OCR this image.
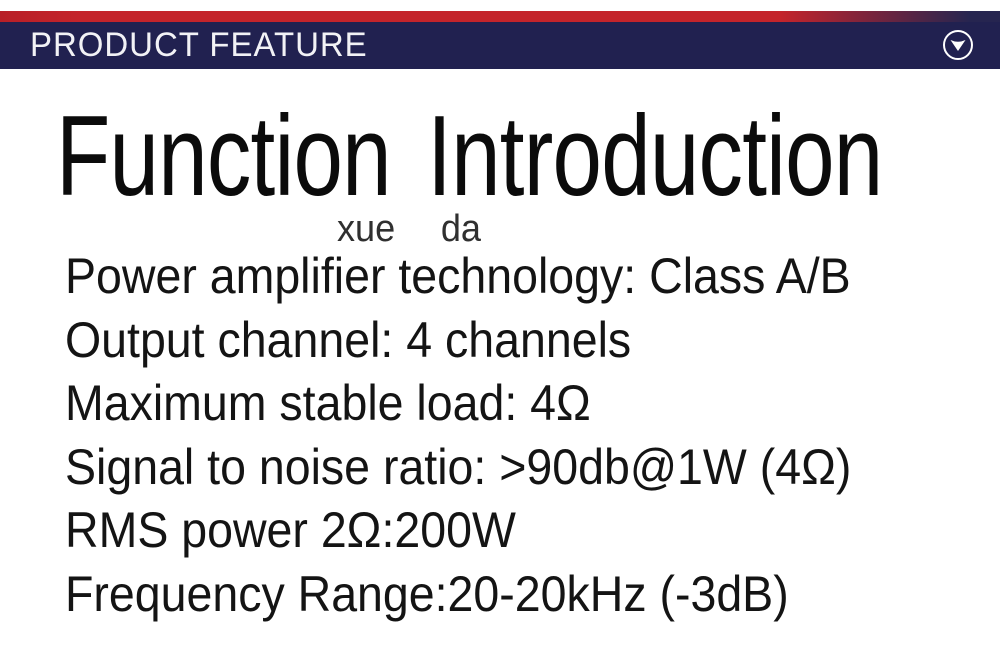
PRODUCT FEATURE
Function Introduction
xue da
Power amplifier technology: Class A/B
Output channel: 4 channels
Maximum stable load: 4Ω
Signal to noise ratio: >90db@1W (4Ω)
RMS power 2Ω:200W
Frequency Range:20-20kHz (-3dB)
